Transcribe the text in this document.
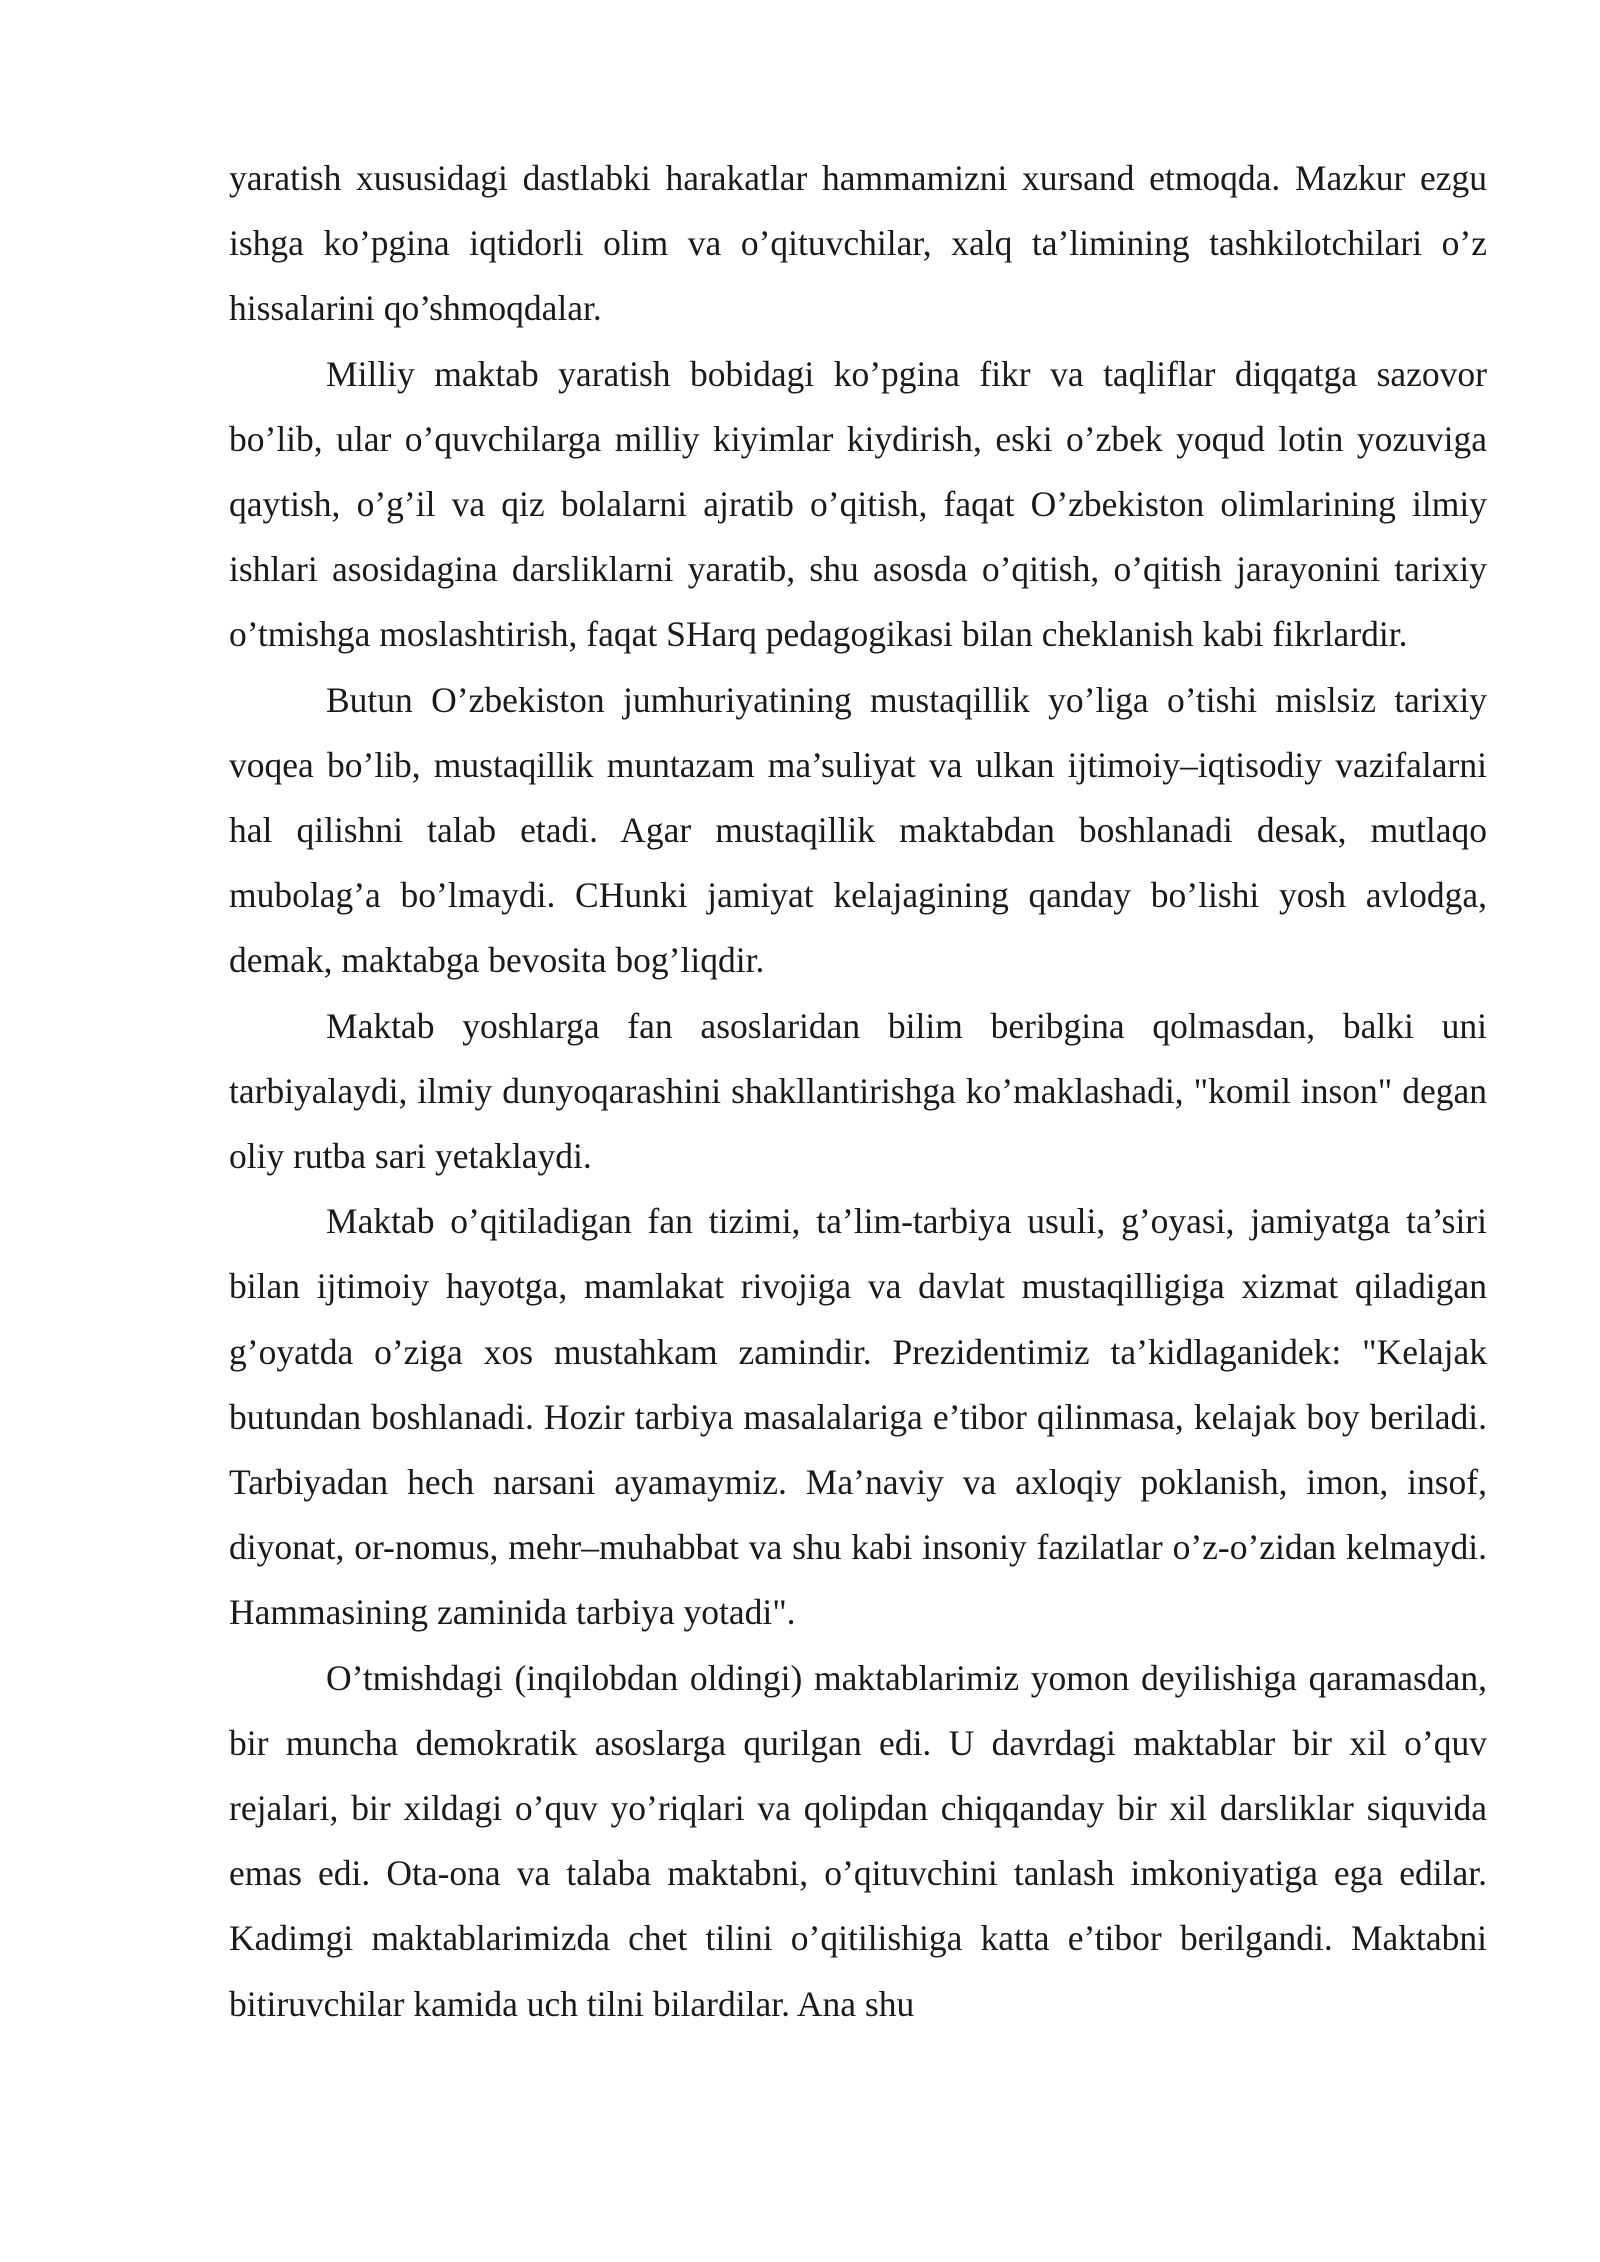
yaratish xususidagi dastlabki harakatlar hammamizni xursand etmoqda. Mazkur ezgu ishga ko’pgina iqtidorli olim va o’qituvchilar, xalq ta’limining tashkilotchilari o’z hissalarini qo’shmoqdalar.

Milliy maktab yaratish bobidagi ko’pgina fikr va taqliflar diqqatga sazovor bo’lib, ular o’quvchilarga milliy kiyimlar kiydirish, eski o’zbek yoqud lotin yozuviga qaytish, o’g’il va qiz bolalarni ajratib o’qitish, faqat O’zbekiston olimlarining ilmiy ishlari asosidagina darsliklarni yaratib, shu asosda o’qitish, o’qitish jarayonini tarixiy o’tmishga moslashtirish, faqat SHarq pedagogikasi bilan cheklanish kabi fikrlardir.

Butun O’zbekiston jumhuriyatining mustaqillik yo’liga o’tishi mislsiz tarixiy voqea bo’lib, mustaqillik muntazam ma’suliyat va ulkan ijtimoiy–iqtisodiy vazifalarni hal qilishni talab etadi. Agar mustaqillik maktabdan boshlanadi desak, mutlaqo mubolag’a bo’lmaydi. CHunki jamiyat kelajagining qanday bo’lishi yosh avlodga, demak, maktabga bevosita bog’liqdir.

Maktab yoshlarga fan asoslaridan bilim beribgina qolmasdan, balki uni tarbiyalaydi, ilmiy dunyoqarashini shakllantirishga ko’maklashadi, "komil inson" degan oliy rutba sari yetaklaydi.

Maktab o’qitiladigan fan tizimi, ta’lim-tarbiya usuli, g’oyasi, jamiyatga ta’siri bilan ijtimoiy hayotga, mamlakat rivojiga va davlat mustaqilligiga xizmat qiladigan g’oyatda o’ziga xos mustahkam zamindir. Prezidentimiz ta’kidlaganidek: "Kelajak butundan boshlanadi. Hozir tarbiya masalalariga e’tibor qilinmasa, kelajak boy beriladi. Tarbiyadan hech narsani ayamaymiz. Ma’naviy va axloqiy poklanish, imon, insof, diyonat, or-nomus, mehr–muhabbat va shu kabi insoniy fazilatlar o’z-o’zidan kelmaydi. Hammasining zaminida tarbiya yotadi".

O’tmishdagi (inqilobdan oldingi) maktablarimiz yomon deyilishiga qaramasdan, bir muncha demokratik asoslarga qurilgan edi. U davrdagi maktablar bir xil o’quv rejalari, bir xildagi o’quv yo’riqlari va qolipdan chiqqanday bir xil darsliklar siquvida emas edi. Ota-ona va talaba maktabni, o’qituvchini tanlash imkoniyatiga ega edilar. Kadimgi maktablarimizda chet tilini o’qitilishiga katta e’tibor berilgandi. Maktabni bitiruvchilar kamida uch tilni bilardilar. Ana shu
